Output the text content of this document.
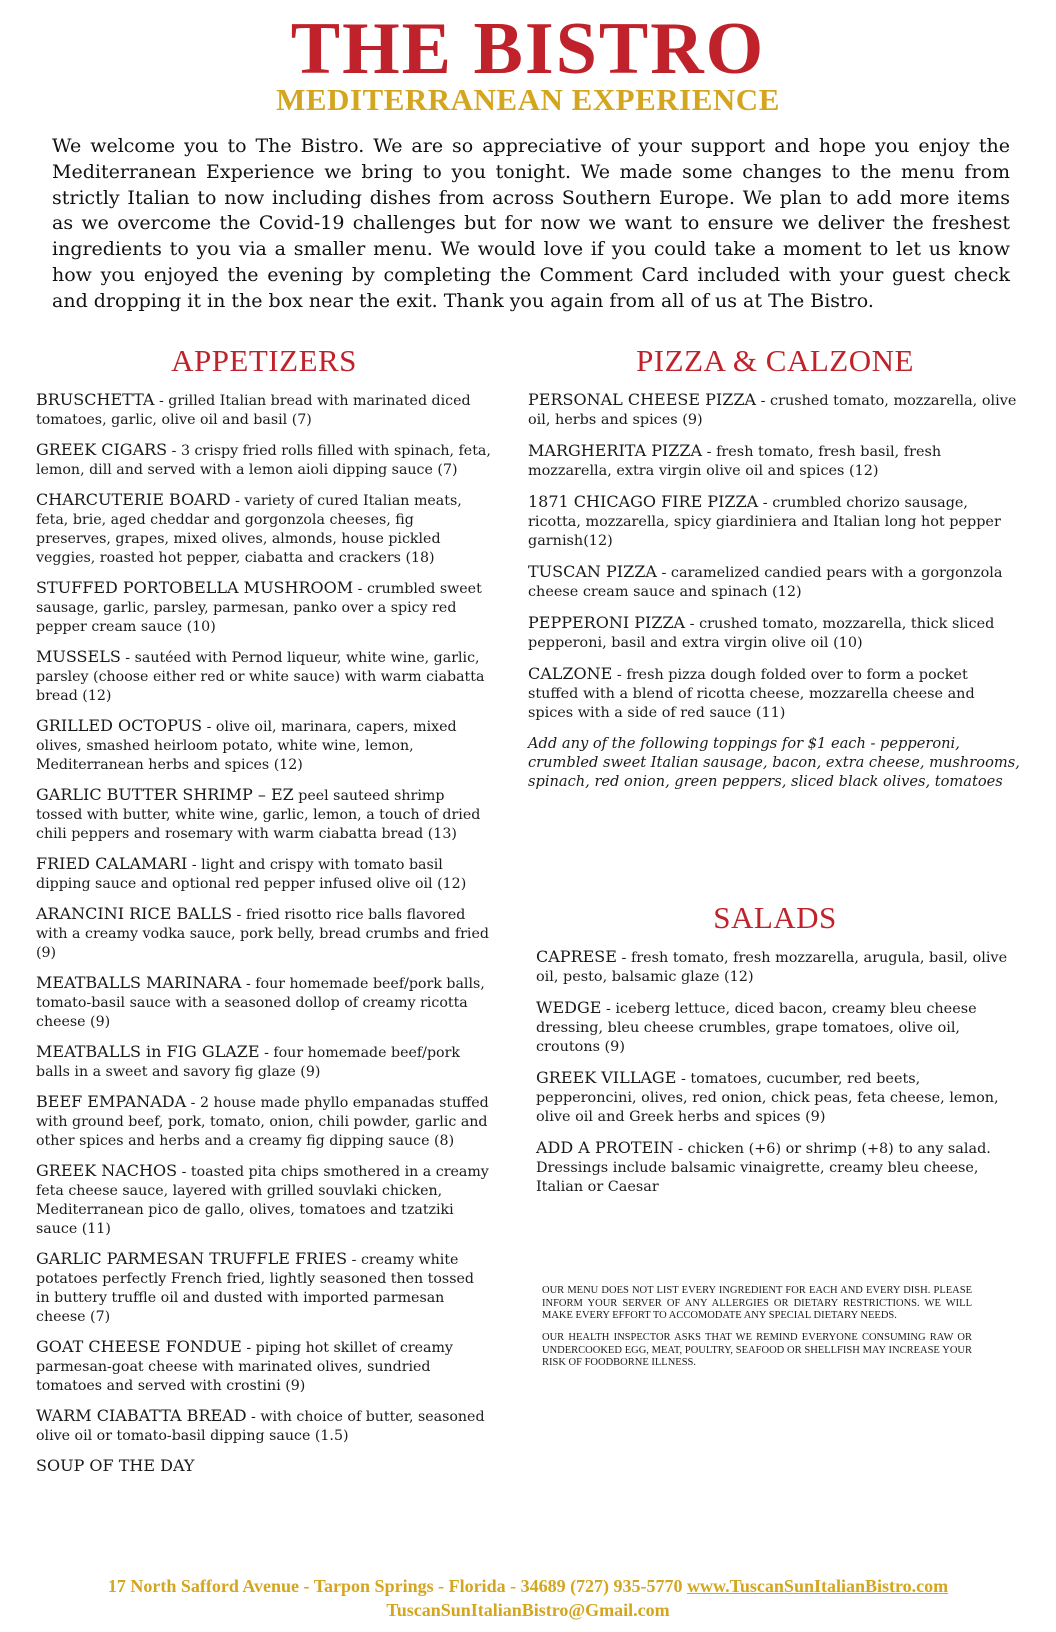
THE BISTRO
MEDITERRANEAN EXPERIENCE
We welcome you to The Bistro. We are so appreciative of your support and hope you enjoy the Mediterranean Experience we bring to you tonight. We made some changes to the menu from strictly Italian to now including dishes from across Southern Europe. We plan to add more items as we overcome the Covid-19 challenges but for now we want to ensure we deliver the freshest ingredients to you via a smaller menu. We would love if you could take a moment to let us know how you enjoyed the evening by completing the Comment Card included with your guest check and dropping it in the box near the exit. Thank you again from all of us at The Bistro.
APPETIZERS
BRUSCHETTA - grilled Italian bread with marinated diced tomatoes, garlic, olive oil and basil (7)
GREEK CIGARS - 3 crispy fried rolls filled with spinach, feta, lemon, dill and served with a lemon aioli dipping sauce (7)
CHARCUTERIE BOARD - variety of cured Italian meats, feta, brie, aged cheddar and gorgonzola cheeses, fig preserves, grapes, mixed olives, almonds, house pickled veggies, roasted hot pepper, ciabatta and crackers (18)
STUFFED PORTOBELLA MUSHROOM - crumbled sweet sausage, garlic, parsley, parmesan, panko over a spicy red pepper cream sauce (10)
MUSSELS - sautéed with Pernod liqueur, white wine, garlic, parsley (choose either red or white sauce) with warm ciabatta bread (12)
GRILLED OCTOPUS - olive oil, marinara, capers, mixed olives, smashed heirloom potato, white wine, lemon, Mediterranean herbs and spices (12)
GARLIC BUTTER SHRIMP – EZ peel sauteed shrimp tossed with butter, white wine, garlic, lemon, a touch of dried chili peppers and rosemary with warm ciabatta bread (13)
FRIED CALAMARI - light and crispy with tomato basil dipping sauce and optional red pepper infused olive oil (12)
ARANCINI RICE BALLS - fried risotto rice balls flavored with a creamy vodka sauce, pork belly, bread crumbs and fried (9)
MEATBALLS MARINARA - four homemade beef/pork balls, tomato-basil sauce with a seasoned dollop of creamy ricotta cheese (9)
MEATBALLS in FIG GLAZE - four homemade beef/pork balls in a sweet and savory fig glaze (9)
BEEF EMPANADA - 2 house made phyllo empanadas stuffed with ground beef, pork, tomato, onion, chili powder, garlic and other spices and herbs and a creamy fig dipping sauce (8)
GREEK NACHOS - toasted pita chips smothered in a creamy feta cheese sauce, layered with grilled souvlaki chicken, Mediterranean pico de gallo, olives, tomatoes and tzatziki sauce (11)
GARLIC PARMESAN TRUFFLE FRIES - creamy white potatoes perfectly French fried, lightly seasoned then tossed in buttery truffle oil and dusted with imported parmesan cheese (7)
GOAT CHEESE FONDUE - piping hot skillet of creamy parmesan-goat cheese with marinated olives, sundried tomatoes and served with crostini (9)
WARM CIABATTA BREAD - with choice of butter, seasoned olive oil or tomato-basil dipping sauce (1.5)
SOUP OF THE DAY
PIZZA & CALZONE
PERSONAL CHEESE PIZZA - crushed tomato, mozzarella, olive oil, herbs and spices (9)
MARGHERITA PIZZA - fresh tomato, fresh basil, fresh mozzarella, extra virgin olive oil and spices (12)
1871 CHICAGO FIRE PIZZA - crumbled chorizo sausage, ricotta, mozzarella, spicy giardiniera and Italian long hot pepper garnish(12)
TUSCAN PIZZA - caramelized candied pears with a gorgonzola cheese cream sauce and spinach (12)
PEPPERONI PIZZA - crushed tomato, mozzarella, thick sliced pepperoni, basil and extra virgin olive oil (10)
CALZONE - fresh pizza dough folded over to form a pocket stuffed with a blend of ricotta cheese, mozzarella cheese and spices with a side of red sauce (11)
Add any of the following toppings for $1 each - pepperoni, crumbled sweet Italian sausage, bacon, extra cheese, mushrooms, spinach, red onion, green peppers, sliced black olives, tomatoes
SALADS
CAPRESE - fresh tomato, fresh mozzarella, arugula, basil, olive oil, pesto, balsamic glaze (12)
WEDGE - iceberg lettuce, diced bacon, creamy bleu cheese dressing, bleu cheese crumbles, grape tomatoes, olive oil, croutons (9)
GREEK VILLAGE - tomatoes, cucumber, red beets, pepperoncini, olives, red onion, chick peas, feta cheese, lemon, olive oil and Greek herbs and spices (9)
ADD A PROTEIN - chicken (+6) or shrimp (+8) to any salad. Dressings include balsamic vinaigrette, creamy bleu cheese, Italian or Caesar

OUR MENU DOES NOT LIST EVERY INGREDIENT FOR EACH AND EVERY DISH. PLEASE INFORM YOUR SERVER OF ANY ALLERGIES OR DIETARY RESTRICTIONS. WE WILL MAKE EVERY EFFORT TO ACCOMODATE ANY SPECIAL DIETARY NEEDS.

OUR HEALTH INSPECTOR ASKS THAT WE REMIND EVERYONE CONSUMING RAW OR UNDERCOOKED EGG, MEAT, POULTRY, SEAFOOD OR SHELLFISH MAY INCREASE YOUR RISK OF FOODBORNE ILLNESS.

17 North Safford Avenue - Tarpon Springs - Florida - 34689 (727) 935-5770 www.TuscanSunItalianBistro.com
TuscanSunItalianBistro@Gmail.com
